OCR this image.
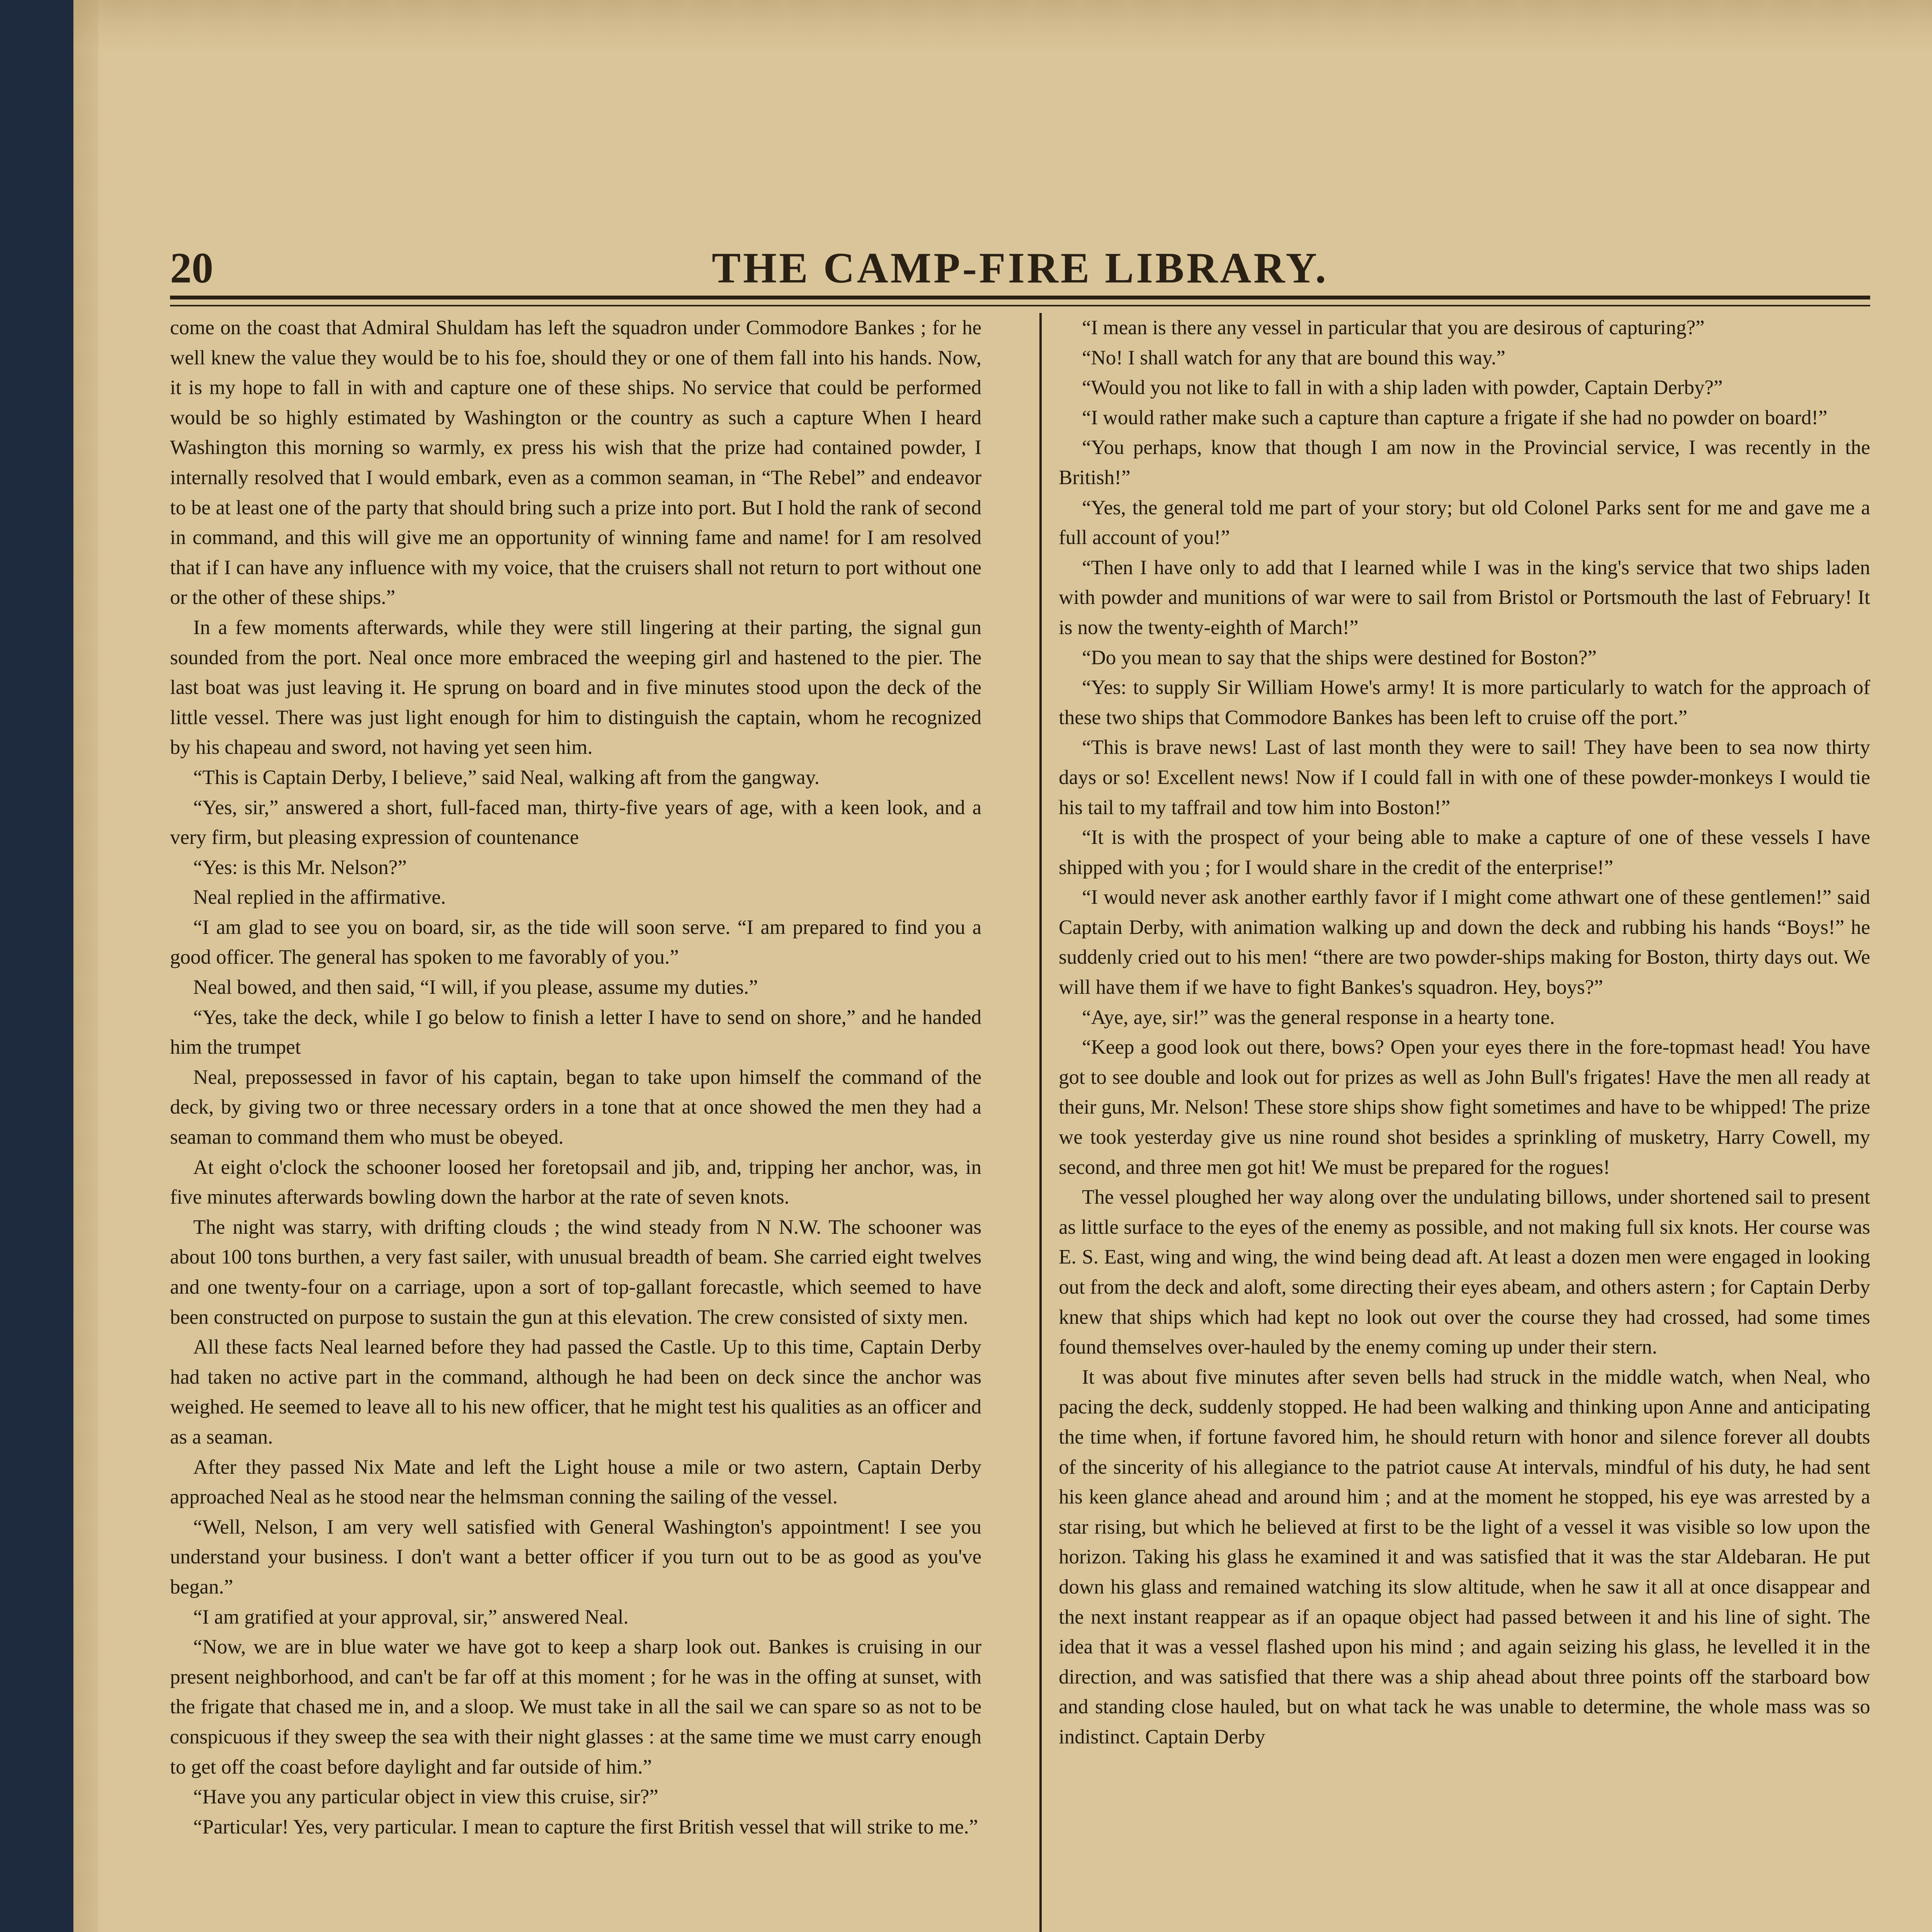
THE CAMP-FIRE LIBRARY.
20

come on the coast that Admiral Shuldam has left the squadron under Commodore Bankes ; for he well knew the value they would be to his foe, should they or one of them fall into his hands. Now, it is my hope to fall in with and capture one of these ships. No service that could be performed would be so highly estimated by Washington or the country as such a capture When I heard Washington this morning so warmly, ex press his wish that the prize had contained powder, I internally resolved that I would embark, even as a common seaman, in “The Rebel” and endeavor to be at least one of the party that should bring such a prize into port. But I hold the rank of second in command, and this will give me an opportunity of winning fame and name! for I am resolved that if I can have any influence with my voice, that the cruisers shall not return to port without one or the other of these ships.”

In a few moments afterwards, while they were still lingering at their parting, the signal gun sounded from the port. Neal once more embraced the weeping girl and hastened to the pier. The last boat was just leaving it. He sprung on board and in five minutes stood upon the deck of the little vessel. There was just light enough for him to distinguish the captain, whom he recognized by his chapeau and sword, not having yet seen him.

“This is Captain Derby, I believe,” said Neal, walking aft from the gangway.

“Yes, sir,” answered a short, full-faced man, thirty-five years of age, with a keen look, and a very firm, but pleasing expression of countenance

“Yes: is this Mr. Nelson?”

Neal replied in the affirmative.

“I am glad to see you on board, sir, as the tide will soon serve. “I am prepared to find you a good officer. The general has spoken to me favorably of you.”

Neal bowed, and then said, “I will, if you please, assume my duties.”

“Yes, take the deck, while I go below to finish a letter I have to send on shore,” and he handed him the trumpet

Neal, prepossessed in favor of his captain, began to take upon himself the command of the deck, by giving two or three necessary orders in a tone that at once showed the men they had a seaman to command them who must be obeyed.

At eight o'clock the schooner loosed her foretopsail and jib, and, tripping her anchor, was, in five minutes afterwards bowling down the harbor at the rate of seven knots.

The night was starry, with drifting clouds ; the wind steady from N N.W. The schooner was about 100 tons burthen, a very fast sailer, with unusual breadth of beam. She carried eight twelves and one twenty-four on a carriage, upon a sort of top-gallant forecastle, which seemed to have been constructed on purpose to sustain the gun at this elevation. The crew consisted of sixty men.

All these facts Neal learned before they had passed the Castle. Up to this time, Captain Derby had taken no active part in the command, although he had been on deck since the anchor was weighed. He seemed to leave all to his new officer, that he might test his qualities as an officer and as a seaman.

After they passed Nix Mate and left the Light house a mile or two astern, Captain Derby approached Neal as he stood near the helmsman conning the sailing of the vessel.

“Well, Nelson, I am very well satisfied with General Washington's appointment! I see you understand your business. I don't want a better officer if you turn out to be as good as you've began.”

“I am gratified at your approval, sir,” answered Neal.

“Now, we are in blue water we have got to keep a sharp look out. Bankes is cruising in our present neighborhood, and can't be far off at this moment ; for he was in the offing at sunset, with the frigate that chased me in, and a sloop. We must take in all the sail we can spare so as not to be conspicuous if they sweep the sea with their night glasses : at the same time we must carry enough to get off the coast before daylight and far outside of him.”

“Have you any particular object in view this cruise, sir?”

“Particular! Yes, very particular. I mean to capture the first British vessel that will strike to me.”

“I mean is there any vessel in particular that you are desirous of capturing?”

“No! I shall watch for any that are bound this way.”

“Would you not like to fall in with a ship laden with powder, Captain Derby?”

“I would rather make such a capture than capture a frigate if she had no powder on board!”

“You perhaps, know that though I am now in the Provincial service, I was recently in the British!”

“Yes, the general told me part of your story; but old Colonel Parks sent for me and gave me a full account of you!”

“Then I have only to add that I learned while I was in the king's service that two ships laden with powder and munitions of war were to sail from Bristol or Portsmouth the last of February! It is now the twenty-eighth of March!”

“Do you mean to say that the ships were destined for Boston?”

“Yes: to supply Sir William Howe's army! It is more particularly to watch for the approach of these two ships that Commodore Bankes has been left to cruise off the port.”

“This is brave news! Last of last month they were to sail! They have been to sea now thirty days or so! Excellent news! Now if I could fall in with one of these powder-monkeys I would tie his tail to my taffrail and tow him into Boston!”

“It is with the prospect of your being able to make a capture of one of these vessels I have shipped with you ; for I would share in the credit of the enterprise!”

“I would never ask another earthly favor if I might come athwart one of these gentlemen!” said Captain Derby, with animation walking up and down the deck and rubbing his hands “Boys!” he suddenly cried out to his men! “there are two powder-ships making for Boston, thirty days out. We will have them if we have to fight Bankes's squadron. Hey, boys?”

“Aye, aye, sir!” was the general response in a hearty tone.

“Keep a good look out there, bows? Open your eyes there in the fore-topmast head! You have got to see double and look out for prizes as well as John Bull's frigates! Have the men all ready at their guns, Mr. Nelson! These store ships show fight sometimes and have to be whipped! The prize we took yesterday give us nine round shot besides a sprinkling of musketry, Harry Cowell, my second, and three men got hit! We must be prepared for the rogues!

The vessel ploughed her way along over the undulating billows, under shortened sail to present as little surface to the eyes of the enemy as possible, and not making full six knots. Her course was E. S. East, wing and wing, the wind being dead aft. At least a dozen men were engaged in looking out from the deck and aloft, some directing their eyes abeam, and others astern ; for Captain Derby knew that ships which had kept no look out over the course they had crossed, had some times found themselves over-hauled by the enemy coming up under their stern.

It was about five minutes after seven bells had struck in the middle watch, when Neal, who pacing the deck, suddenly stopped. He had been walking and thinking upon Anne and anticipating the time when, if fortune favored him, he should return with honor and silence forever all doubts of the sincerity of his allegiance to the patriot cause At intervals, mindful of his duty, he had sent his keen glance ahead and around him ; and at the moment he stopped, his eye was arrested by a star rising, but which he believed at first to be the light of a vessel it was visible so low upon the horizon. Taking his glass he examined it and was satisfied that it was the star Aldebaran. He put down his glass and remained watching its slow altitude, when he saw it all at once disappear and the next instant reappear as if an opaque object had passed between it and his line of sight. The idea that it was a vessel flashed upon his mind ; and again seizing his glass, he levelled it in the direction, and was satisfied that there was a ship ahead about three points off the starboard bow and standing close hauled, but on what tack he was unable to determine, the whole mass was so indistinct. Captain Derby
